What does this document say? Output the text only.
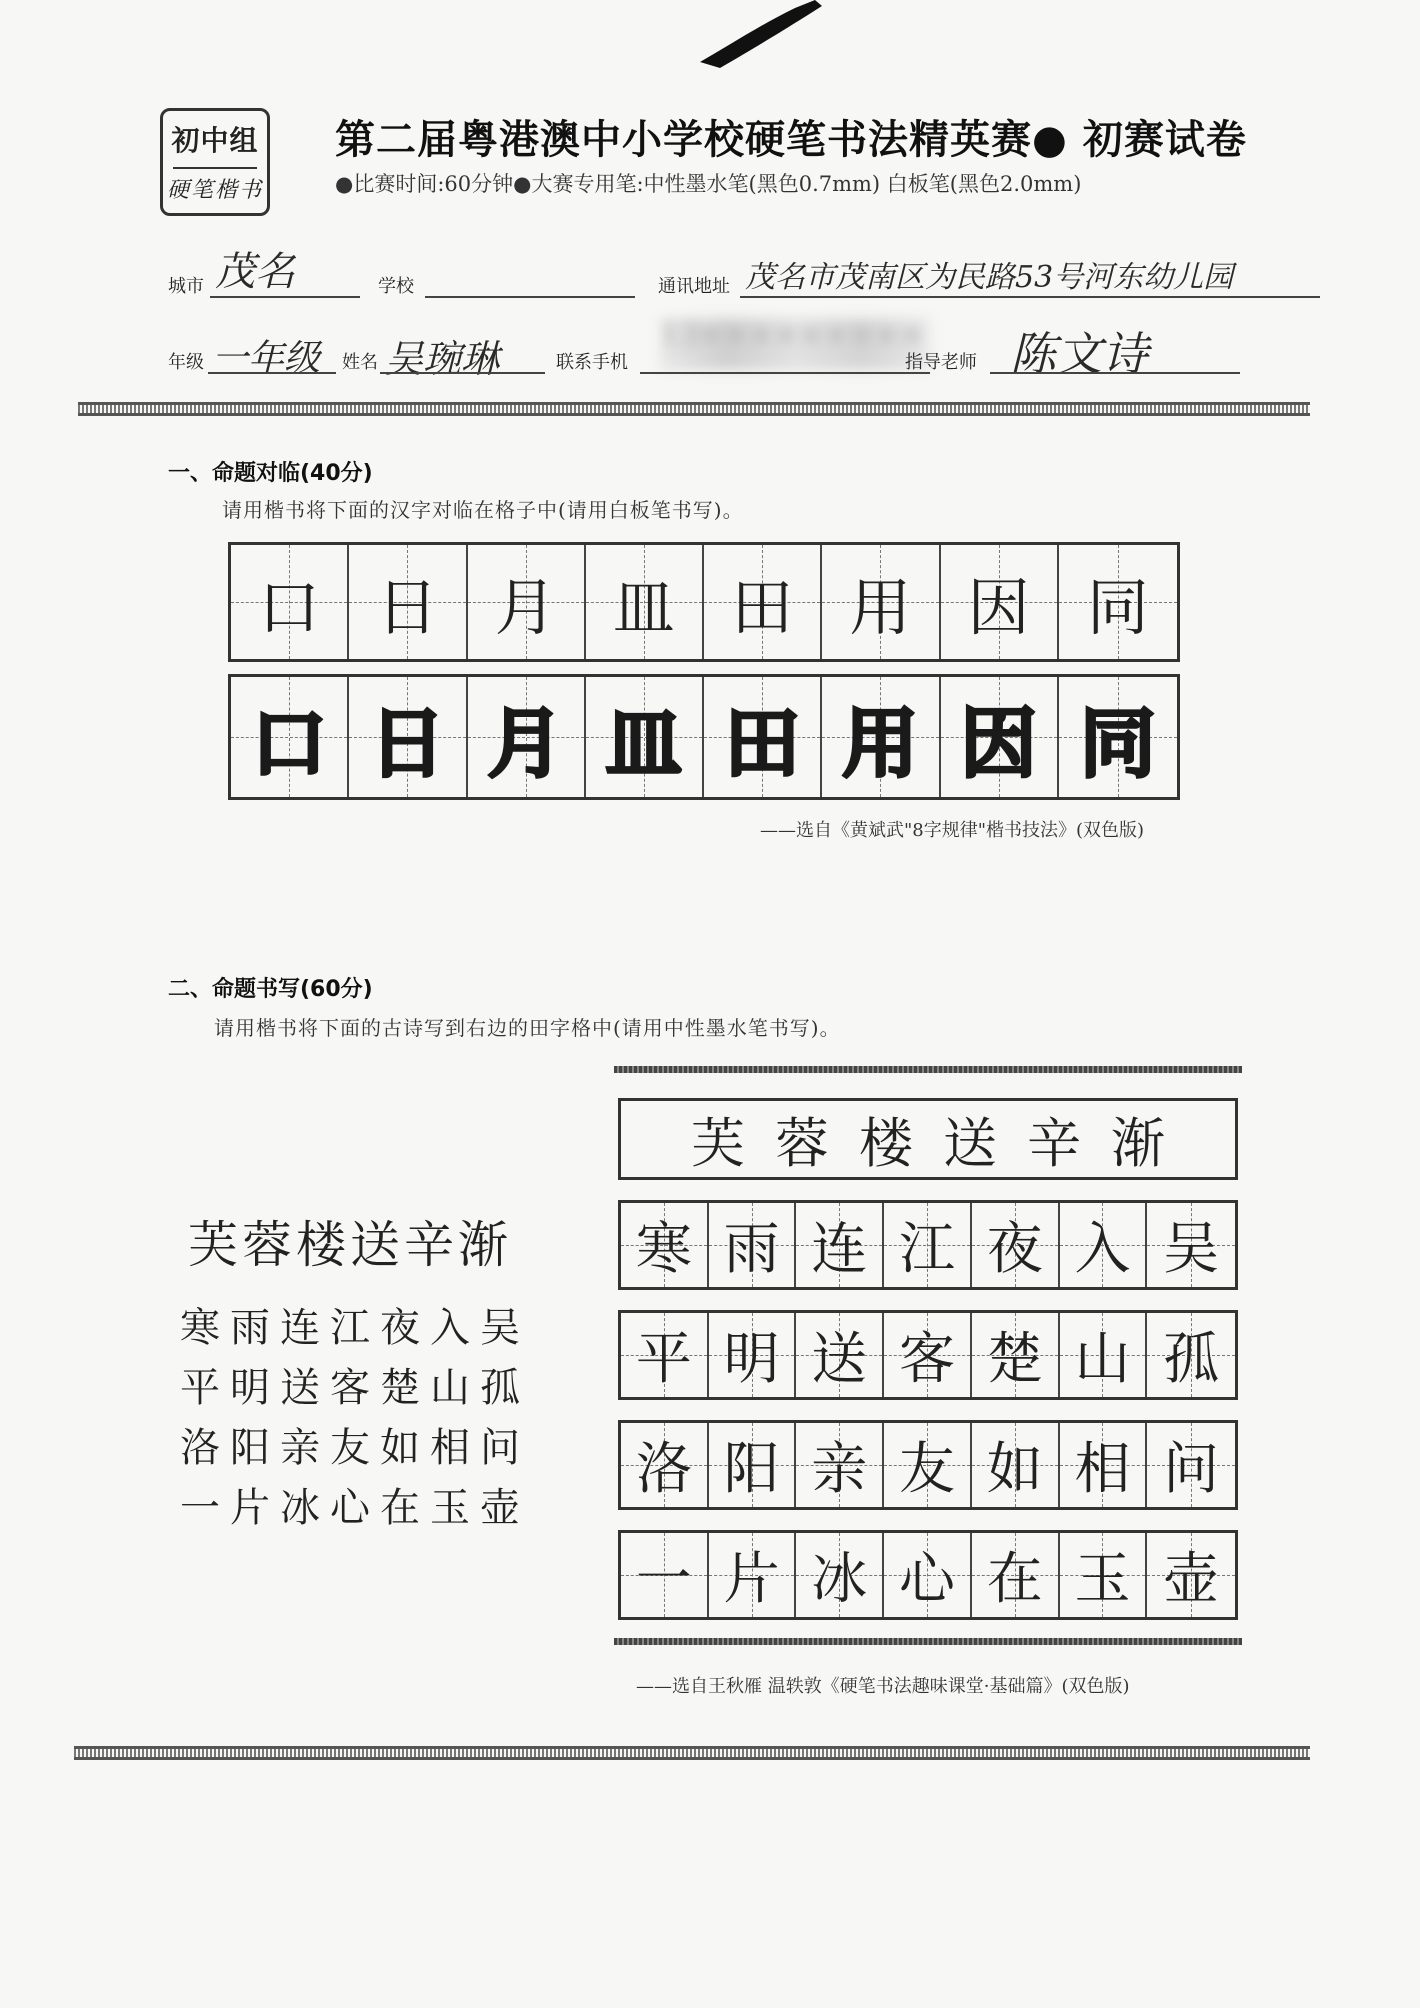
初中组
硬笔楷书
第二届粤港澳中小学校硬笔书法精英赛● 初赛试卷
●比赛时间:60分钟●大赛专用笔:中性墨水笔(黑色0.7mm) 白板笔(黑色2.0mm)
城市 茂名	学校	通讯地址 茂名市茂南区为民路53号河东幼儿园
年级 一年级 姓名 吴琬琳	联系手机
13×××××××××
指导老师 陈文诗
一、命题对临(40分)
请用楷书将下面的汉字对临在格子中(请用白板笔书写)。
口 日 月 皿 田 用 因 同
口 日 月 皿 田 用 因 同
——选自《黄斌武"8字规律"楷书技法》(双色版)
二、命题书写(60分)
请用楷书将下面的古诗写到右边的田字格中(请用中性墨水笔书写)。
芙蓉楼送辛渐
寒雨连江夜入吴
平明送客楚山孤
洛阳亲友如相问
一片冰心在玉壶
芙蓉楼送辛渐
寒 雨 连 江 夜 入 吴
平 明 送 客 楚 山 孤
洛 阳 亲 友 如 相 问
一 片 冰 心 在 玉 壶
——选自王秋雁 温轶敦《硬笔书法趣味课堂·基础篇》(双色版)
